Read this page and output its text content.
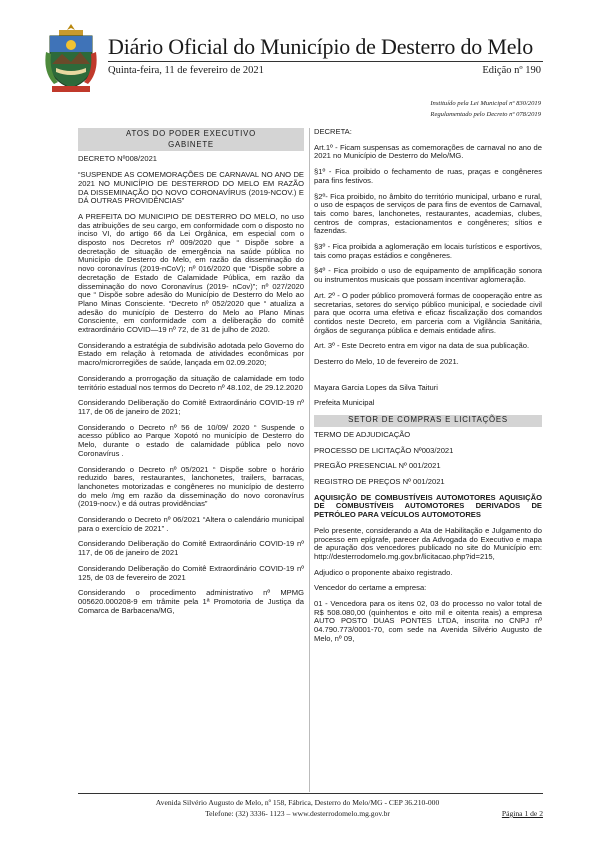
Diário Oficial do Município de Desterro do Melo
Quinta-feira, 11 de fevereiro de 2021	Edição nº 190
Instituído pela Lei Municipal nº 830/2019
Regulamentado pelo Decreto nº 078/2019
ATOS DO PODER EXECUTIVO
GABINETE

DECRETO Nº008/2021

“SUSPENDE AS COMEMORAÇÕES DE CARNAVAL NO ANO DE 2021 NO MUNICÍPIO DE DESTERROD DO MELO EM RAZÃO DA DISSEMINAÇÃO DO NOVO CORONAVÍRUS (2019-NCOV.) E DÁ OUTRAS PROVIDÊNCIAS”

A PREFEITA DO MUNICIPIO DE DESTERRO DO MELO, no uso das atribuições de seu cargo, em conformidade com o disposto no inciso VI, do artigo 66 da Lei Orgânica, em especial com o disposto nos Decretos nº 009/2020 que “ Dispõe sobre a decretação de situação de emergência na saúde pública no Município de Desterro do Melo, em razão da disseminação do novo coronavírus (2019-nCoV); nº 016/2020 que “Dispõe sobre a decretação de Estado de Calamidade Pública, em razão da disseminação do novo Coronavírus (2019- nCov)”; nº 027/2020 que “ Dispõe sobre adesão do Município de Desterro do Melo ao Plano Minas Consciente. “Decreto nº 052/2020 que “ atualiza a adesão do município de Desterro do Melo ao Plano Minas Consciente, em conformidade com a deliberação do comitê extraordinário COVID—19 nº 72, de 31 de julho de 2020.

Considerando a estratégia de subdivisão adotada pelo Governo do Estado em relação à retomada de atividades econômicas por macro/microrregiões de saúde, lançada em 02.09.2020;

Considerando a prorrogação da situação de calamidade em todo território estadual nos termos do Decreto nº 48.102, de 29.12.2020

Considerando Deliberação do Comitê Extraordinário COVID-19 nº 117, de 06 de janeiro de 2021;

Considerando o Decreto nº 56 de 10/09/ 2020 “ Suspende o acesso público ao Parque Xopotó no município de Desterro do Melo, durante o estado de calamidade pública pelo novo Coronavírus .

Considerando o Decreto nº 05/2021 “ Dispõe sobre o horário reduzido bares, restaurantes, lanchonetes, trailers, barracas, lanchonetes motorizadas e congêneres no município de desterro do melo /mg em razão da disseminação do novo coronavírus (2019-nocv.) e dá outras providências”

Considerando o Decreto nº 06/2021 “Altera o calendário municipal para o exercício de 2021” .

Considerando Deliberação do Comitê Extraordinário COVID-19 nº 117, de 06 de janeiro de 2021

Considerando Deliberação do Comitê Extraordinário COVID-19 nº 125, de 03 de fevereiro de 2021

Considerando o procedimento administrativo nº MPMG 005620.000208-9 em trâmite pela 1ª Promotoria de Justiça da Comarca de Barbacena/MG,

DECRETA:

Art.1º - Ficam suspensas as comemorações de carnaval no ano de 2021 no Município de Desterro do Melo/MG.

§1º - Fica proibido o fechamento de ruas, praças e congêneres para fins festivos.

§2º- Fica proibido, no âmbito do território municipal, urbano e rural, o uso de espaços de serviços de para fins de eventos de Carnaval, tais como bares, lanchonetes, restaurantes, academias, clubes, centros de compras, estacionamentos e congêneres; sítios e fazendas.

§3º - Fica proibida a aglomeração em locais turísticos e esportivos, tais como praças estádios e congêneres.

§4º - Fica proibido o uso de equipamento de amplificação sonora ou instrumentos musicais que possam incentivar aglomeração.

Art. 2º - O poder público promoverá formas de cooperação entre as secretarias, setores do serviço público municipal, e sociedade civil para que ocorra uma efetiva e eficaz fiscalização dos comandos contidos neste Decreto, em parceria com a Vigilância Sanitária, órgãos de segurança pública e demais entidade afins.

Art. 3º - Este Decreto entra em vigor na data de sua publicação.

Desterro do Melo, 10 de fevereiro de 2021.

Mayara Garcia Lopes da Silva Taituri

Prefeita Municipal

SETOR DE COMPRAS E LICITAÇÕES

TERMO DE ADJUDICAÇÃO

PROCESSO DE LICITAÇÃO Nº003/2021

PREGÃO PRESENCIAL Nº 001/2021

REGISTRO DE PREÇOS Nº 001/2021

AQUISIÇÃO DE COMBUSTÍVEIS AUTOMOTORES AQUISIÇÃO DE COMBUSTÍVEIS AUTOMOTORES DERIVADOS DE PETRÓLEO PARA VEÍCULOS AUTOMOTORES

Pelo presente, considerando a Ata de Habilitação e Julgamento do processo em epígrafe, parecer da Advogada do Executivo e mapa de apuração dos vencedores publicado no site do Município em: http://desterrodomelo.mg.gov.br/licitacao.php?id=215,

Adjudico o proponente abaixo registrado.

Vencedor do certame a empresa:

01 - Vencedora para os itens 02, 03 do processo no valor total de R$ 508.080,00 (quinhentos e oito mil e oitenta reais) a empresa AUTO POSTO DUAS PONTES LTDA, inscrita no CNPJ nº 04.790.773/0001-70, com sede na Avenida Silvério Augusto de Melo, nº 09,

Avenida Silvério Augusto de Melo, nº 158, Fábrica, Desterro do Melo/MG - CEP 36.210-000
Telefone: (32) 3336- 1123 – www.desterrodomelo.mg.gov.br	Página 1 de 2
